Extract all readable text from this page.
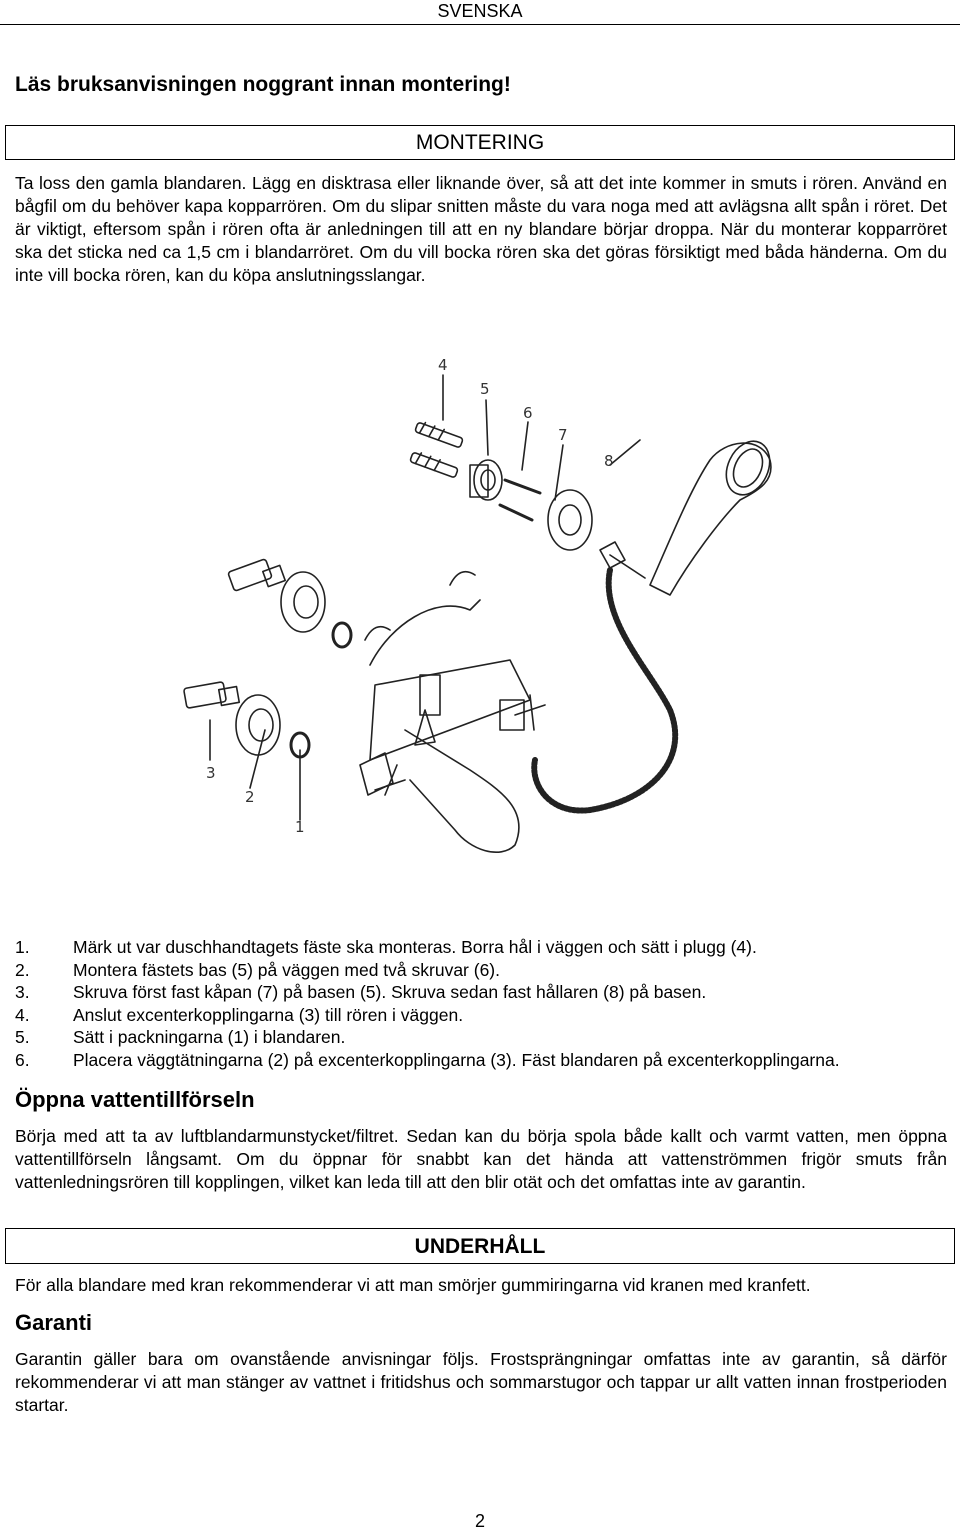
SVENSKA

Läs bruksanvisningen noggrant innan montering!

MONTERING

Ta loss den gamla blandaren. Lägg en disktrasa eller liknande över, så att det inte kommer in smuts i rören. Använd en bågfil om du behöver kapa kopparrören. Om du slipar snitten måste du vara noga med att avlägsna allt spån i röret. Det är viktigt, eftersom spån i rören ofta är anledningen till att en ny blandare börjar droppa. När du monterar kopparröret ska det sticka ned ca 1,5 cm i blandarröret. Om du vill bocka rören ska det göras försiktigt med båda händerna. Om du inte vill bocka rören, kan du köpa anslutningsslangar.

4
5
6
7
8
3
2
1
1. Märk ut var duschhandtagets fäste ska monteras. Borra hål i väggen och sätt i plugg (4).
2. Montera fästets bas (5) på väggen med två skruvar (6).
3. Skruva först fast kåpan (7) på basen (5). Skruva sedan fast hållaren (8) på basen.
4. Anslut excenterkopplingarna (3) till rören i väggen.
5. Sätt i packningarna (1) i blandaren.
6. Placera väggtätningarna (2) på excenterkopplingarna (3). Fäst blandaren på excenterkopplingarna.
Öppna vattentillförseln

Börja med att ta av luftblandarmunstycket/filtret. Sedan kan du börja spola både kallt och varmt vatten, men öppna vattentillförseln långsamt. Om du öppnar för snabbt kan det hända att vattenströmmen frigör smuts från vattenledningsrören till kopplingen, vilket kan leda till att den blir otät och det omfattas inte av garantin.

UNDERHÅLL

För alla blandare med kran rekommenderar vi att man smörjer gummiringarna vid kranen med kranfett.

Garanti

Garantin gäller bara om ovanstående anvisningar följs. Frostsprängningar omfattas inte av garantin, så därför rekommenderar vi att man stänger av vattnet i fritidshus och sommarstugor och tappar ur allt vatten innan frostperioden startar.

2
